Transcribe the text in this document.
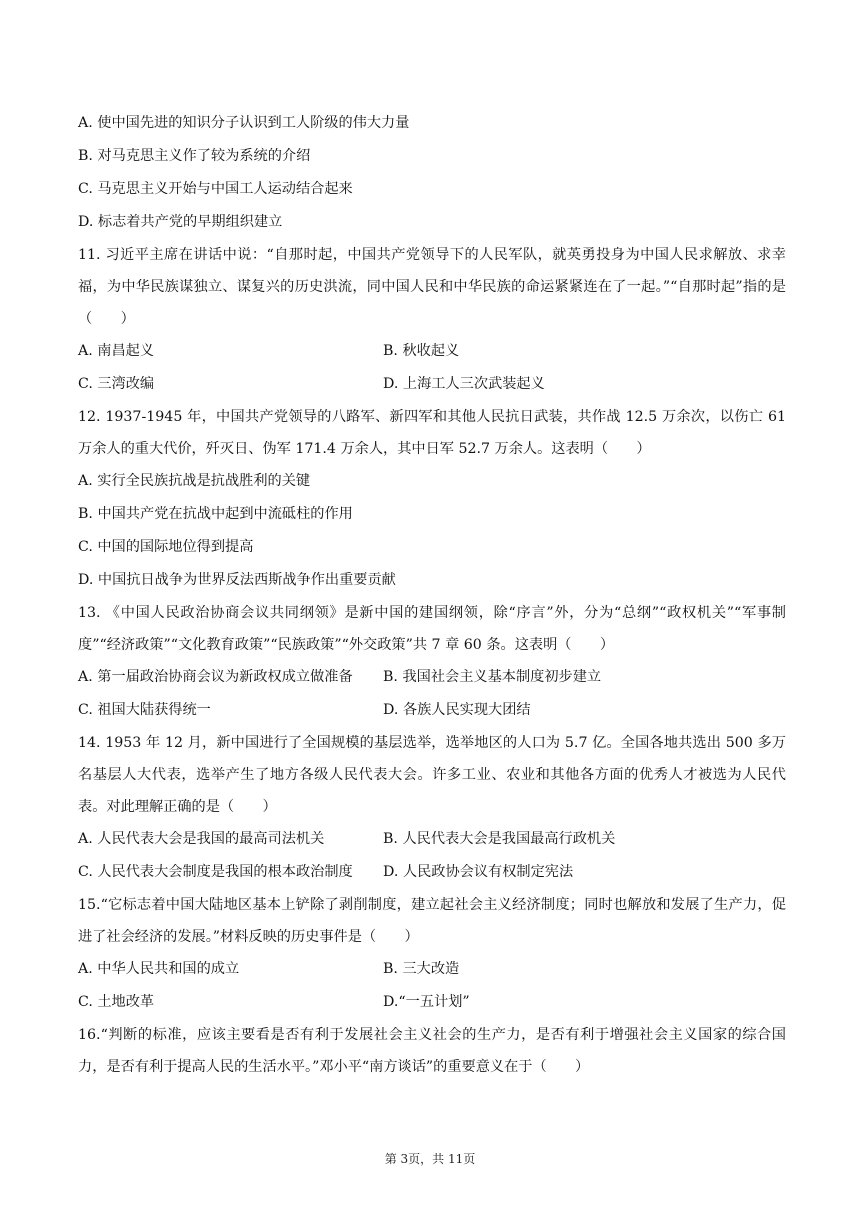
A. 使中国先进的知识分子认识到工人阶级的伟大力量

B. 对马克思主义作了较为系统的介绍

C. 马克思主义开始与中国工人运动结合起来

D. 标志着共产党的早期组织建立

11. 习近平主席在讲话中说：“自那时起，中国共产党领导下的人民军队，就英勇投身为中国人民求解放、求幸福，为中华民族谋独立、谋复兴的历史洪流，同中国人民和中华民族的命运紧紧连在了一起。”“自那时起”指的是（　　）

A. 南昌起义	B. 秋收起义
C. 三湾改编	D. 上海工人三次武装起义

12. 1937-1945 年，中国共产党领导的八路军、新四军和其他人民抗日武装，共作战 12.5 万余次，以伤亡 61 万余人的重大代价，歼灭日、伪军 171.4 万余人，其中日军 52.7 万余人。这表明（　　）

A. 实行全民族抗战是抗战胜利的关键

B. 中国共产党在抗战中起到中流砥柱的作用

C. 中国的国际地位得到提高

D. 中国抗日战争为世界反法西斯战争作出重要贡献

13. 《中国人民政治协商会议共同纲领》是新中国的建国纲领，除“序言”外，分为“总纲”“政权机关”“军事制度”“经济政策”“文化教育政策”“民族政策”“外交政策”共 7 章 60 条。这表明（　　）

A. 第一届政治协商会议为新政权成立做准备	B. 我国社会主义基本制度初步建立
C. 祖国大陆获得统一	D. 各族人民实现大团结

14. 1953 年 12 月，新中国进行了全国规模的基层选举，选举地区的人口为 5.7 亿。全国各地共选出 500 多万名基层人大代表，选举产生了地方各级人民代表大会。许多工业、农业和其他各方面的优秀人才被选为人民代表。对此理解正确的是（　　）

A. 人民代表大会是我国的最高司法机关	B. 人民代表大会是我国最高行政机关
C. 人民代表大会制度是我国的根本政治制度	D. 人民政协会议有权制定宪法

15.“它标志着中国大陆地区基本上铲除了剥削制度，建立起社会主义经济制度；同时也解放和发展了生产力，促进了社会经济的发展。”材料反映的历史事件是（　　）

A. 中华人民共和国的成立	B. 三大改造
C. 土地改革	D.“一五计划”

16.“判断的标准，应该主要看是否有利于发展社会主义社会的生产力，是否有利于增强社会主义国家的综合国力，是否有利于提高人民的生活水平。”邓小平“南方谈话”的重要意义在于（　　）

第 3页，共 11页
